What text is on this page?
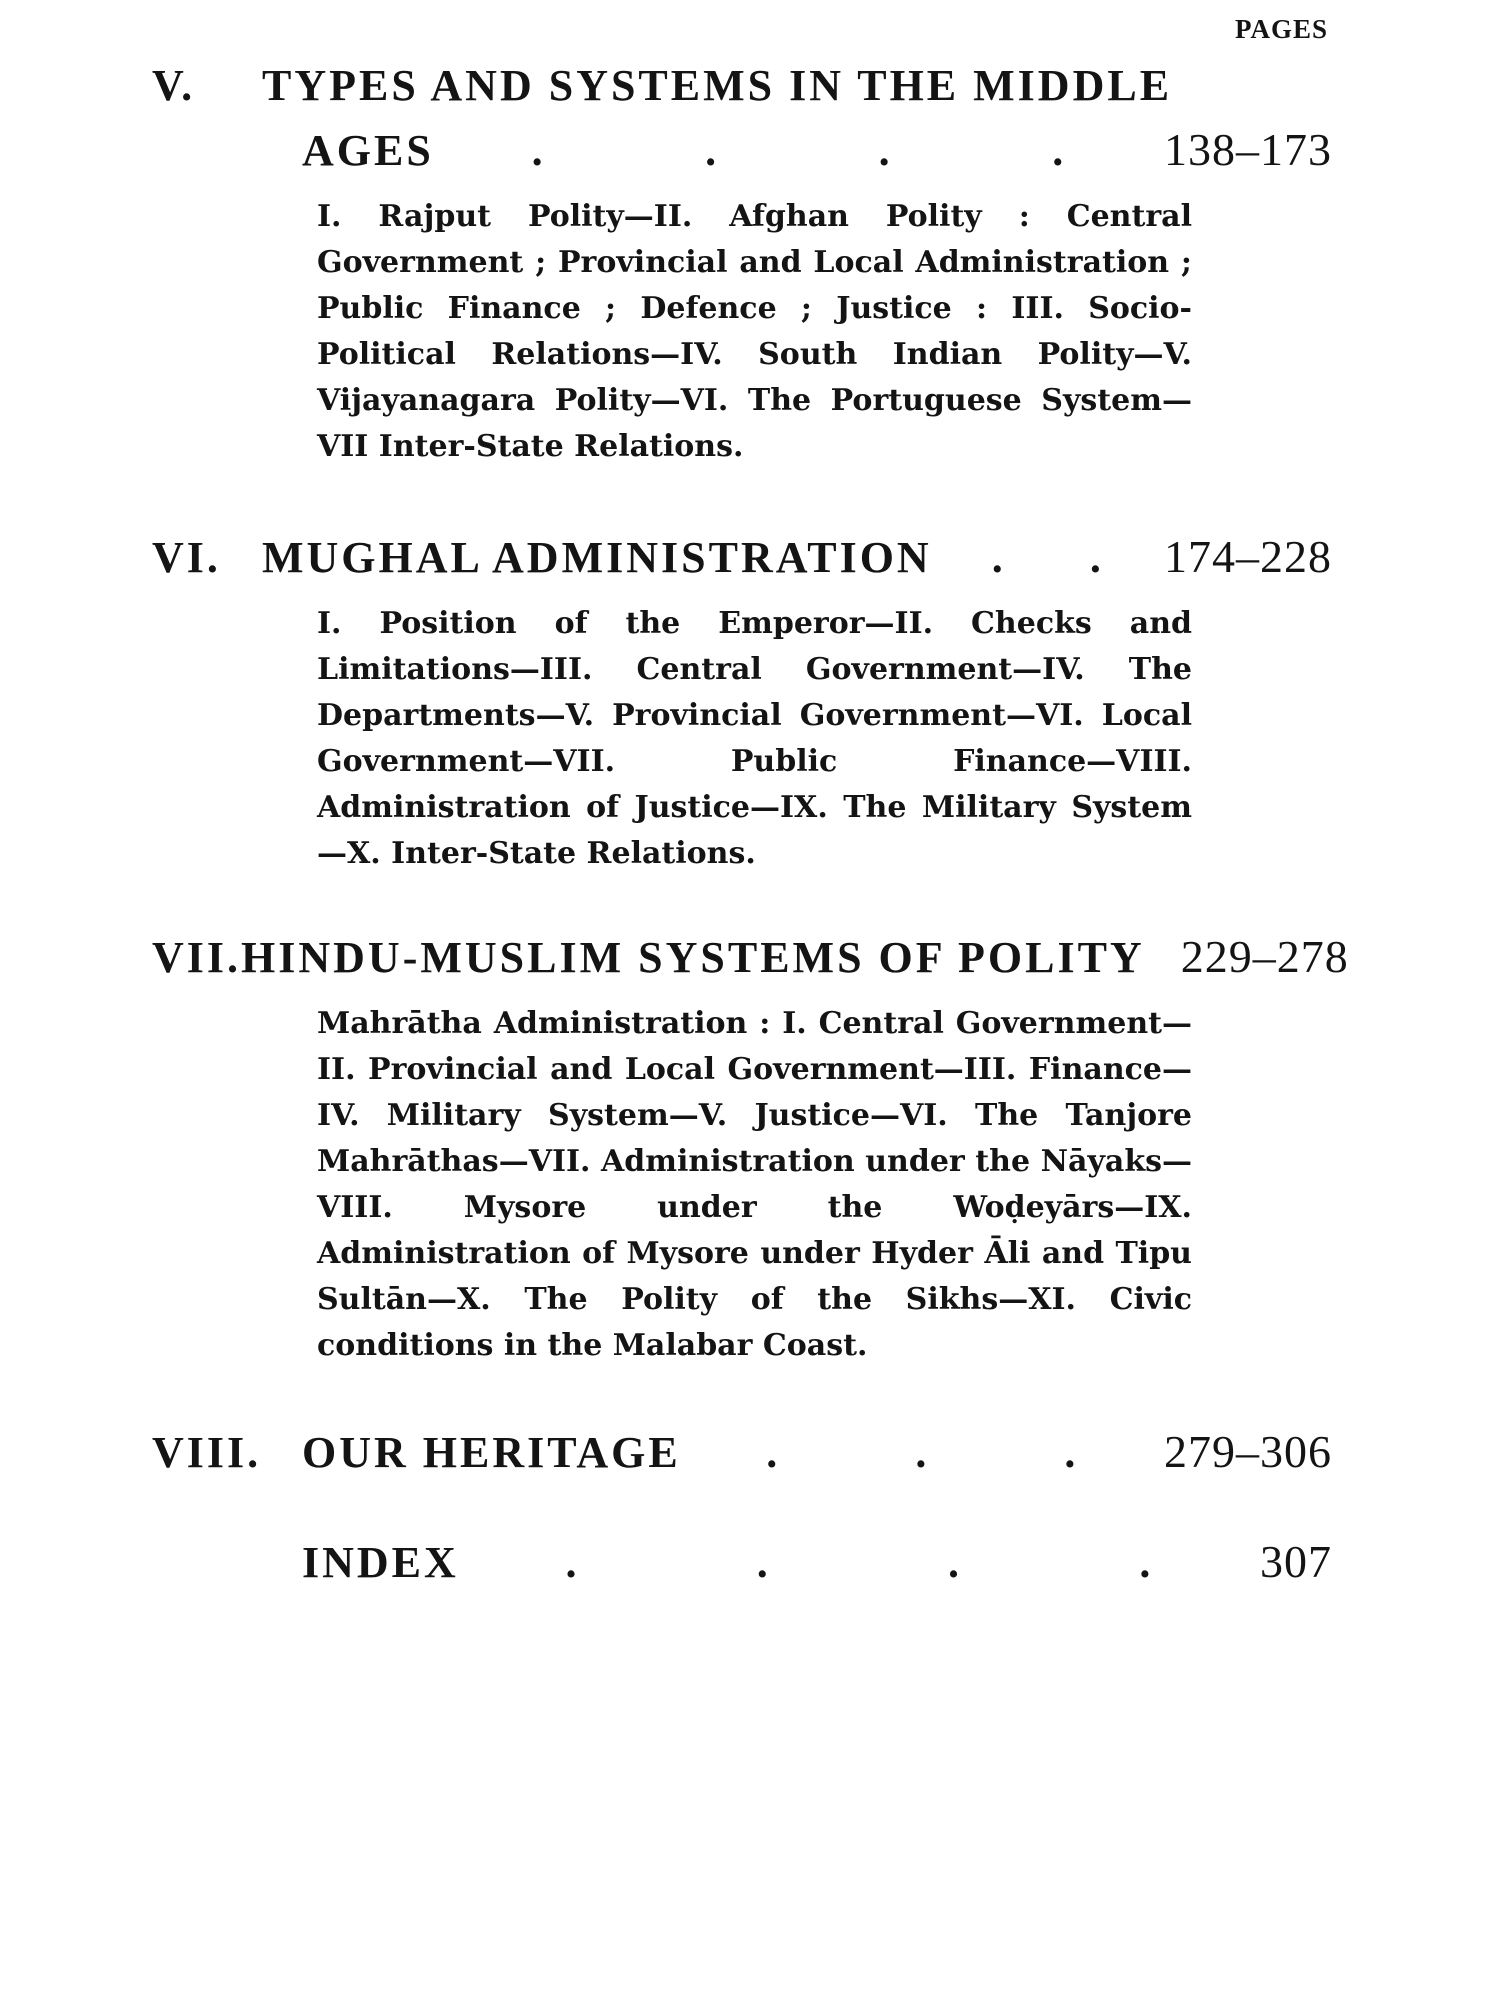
PAGES
V.	TYPES AND SYSTEMS IN THE MIDDLE
AGES .	.	.	. 138–173

I. Rajput Polity—II. Afghan Polity : Central Government ; Provincial and Local Administration ; Public Finance ; Defence ; Justice : III. Socio-Political Relations—IV. South Indian Polity—V. Vijayanagara Polity—VI. The Portuguese System—VII Inter-State Relations.

VI. MUGHAL ADMINISTRATION . . 174–228

I. Position of the Emperor—II. Checks and Limitations—III. Central Government—IV. The Departments—V. Provincial Government—VI. Local Government—VII. Public Finance—VIII. Administration of Justice—IX. The Military System—X. Inter-State Relations.

VII. HINDU-MUSLIM SYSTEMS OF POLITY 229–278

Mahrātha Administration : I. Central Government—II. Provincial and Local Government—III. Finance—IV. Military System—V. Justice—VI. The Tanjore Mahrāthas—VII. Administration under the Nāyaks—VIII. Mysore under the Woḍeyārs—IX. Administration of Mysore under Hyder Āli and Tipu Sultān—X. The Polity of the Sikhs—XI. Civic conditions in the Malabar Coast.

VIII. OUR HERITAGE .	.	. 279–306
INDEX .	.	.	. 307
